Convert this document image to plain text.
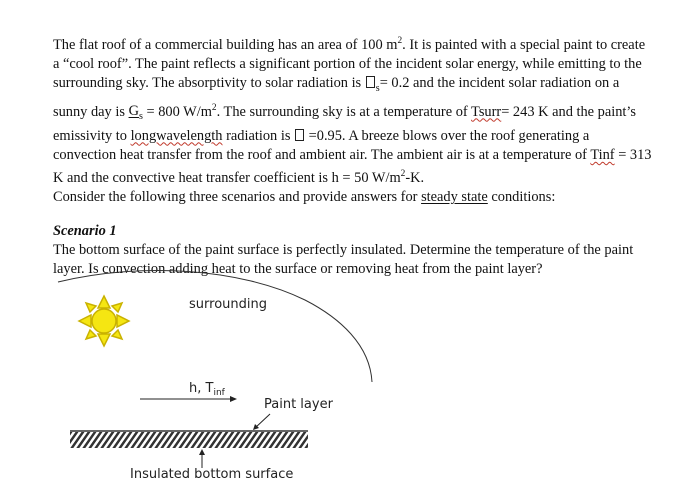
The flat roof of a commercial building has an area of 100 $m^2$. It is painted with a special paint to create a “cool roof”. The paint reflects a significant portion of the incident solar energy, while emitting to the surrounding sky. The absorptivity to solar radiation is $_s$= 0.2 and the incident solar radiation on a sunny day is $G_s = 800$ $W/m^2$. The surrounding sky is at a temperature of Tsurr= 243 K and the paint’s emissivity to longwavelength radiation is  =0.95. A breeze blows over the roof generating a convection heat transfer from the roof and ambient air. The ambient air is at a temperature of Tinf = 313 K and the convective heat transfer coefficient is h = 50 $W/m^2-K$.

Consider the following three scenarios and provide answers for steady state conditions:

Scenario 1

The bottom surface of the paint surface is perfectly insulated. Determine the temperature of the paint layer. Is convection adding heat to the surface or removing heat from the paint layer?

surrounding
h, $T_{inf}$
Paint layer
Insulated bottom surface
